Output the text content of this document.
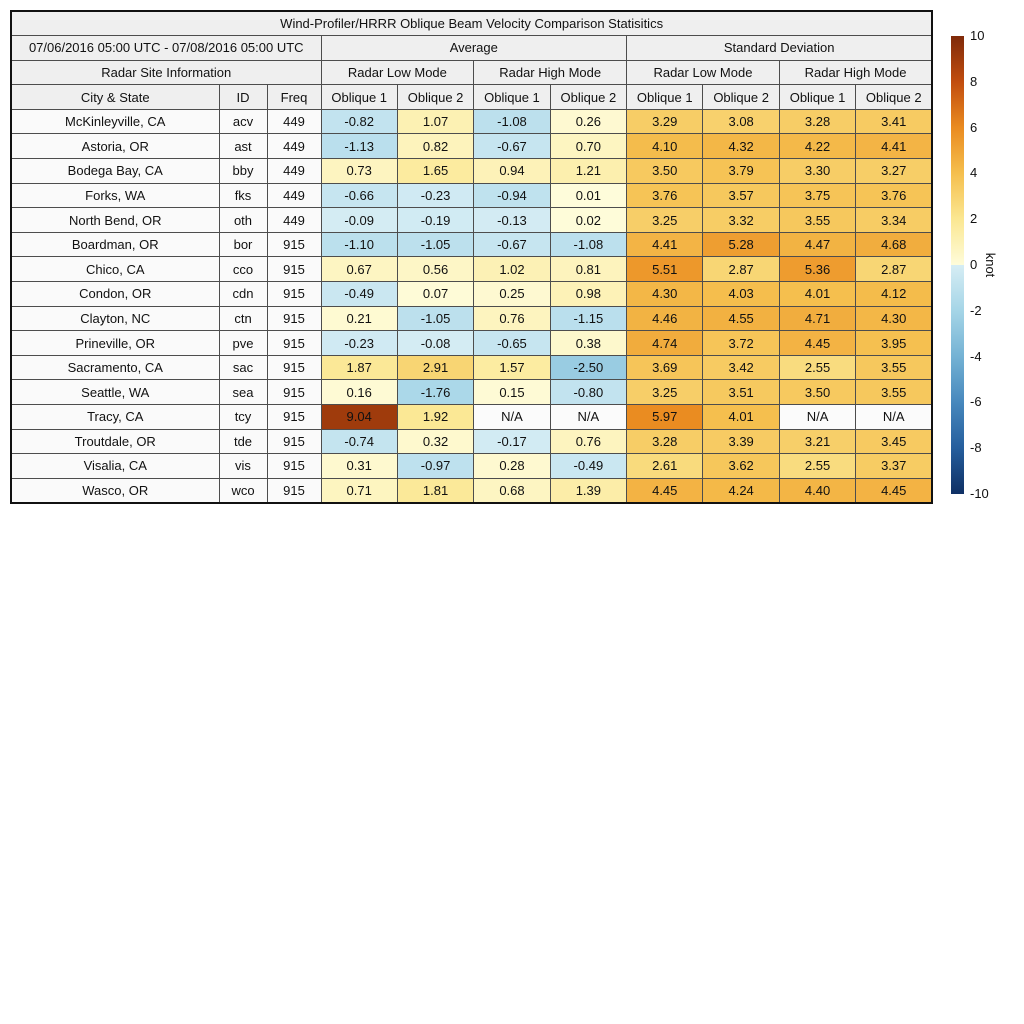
Wind-Profiler/HRRR Oblique Beam Velocity Comparison Statisitics										
07/06/2016 05:00 UTC - 07/08/2016 05:00 UTC			Average				Standard Deviation			
Radar Site Information			Radar Low Mode		Radar High Mode		Radar Low Mode		Radar High Mode	
City & State	ID	Freq	Oblique 1	Oblique 2	Oblique 1	Oblique 2	Oblique 1	Oblique 2	Oblique 1	Oblique 2
McKinleyville, CA	acv	449	-0.82	1.07	-1.08	0.26	3.29	3.08	3.28	3.41
Astoria, OR	ast	449	-1.13	0.82	-0.67	0.70	4.10	4.32	4.22	4.41
Bodega Bay, CA	bby	449	0.73	1.65	0.94	1.21	3.50	3.79	3.30	3.27
Forks, WA	fks	449	-0.66	-0.23	-0.94	0.01	3.76	3.57	3.75	3.76
North Bend, OR	oth	449	-0.09	-0.19	-0.13	0.02	3.25	3.32	3.55	3.34
Boardman, OR	bor	915	-1.10	-1.05	-0.67	-1.08	4.41	5.28	4.47	4.68
Chico, CA	cco	915	0.67	0.56	1.02	0.81	5.51	2.87	5.36	2.87
Condon, OR	cdn	915	-0.49	0.07	0.25	0.98	4.30	4.03	4.01	4.12
Clayton, NC	ctn	915	0.21	-1.05	0.76	-1.15	4.46	4.55	4.71	4.30
Prineville, OR	pve	915	-0.23	-0.08	-0.65	0.38	4.74	3.72	4.45	3.95
Sacramento, CA	sac	915	1.87	2.91	1.57	-2.50	3.69	3.42	2.55	3.55
Seattle, WA	sea	915	0.16	-1.76	0.15	-0.80	3.25	3.51	3.50	3.55
Tracy, CA	tcy	915	9.04	1.92	N/A	N/A	5.97	4.01	N/A	N/A
Troutdale, OR	tde	915	-0.74	0.32	-0.17	0.76	3.28	3.39	3.21	3.45
Visalia, CA	vis	915	0.31	-0.97	0.28	-0.49	2.61	3.62	2.55	3.37
Wasco, OR	wco	915	0.71	1.81	0.68	1.39	4.45	4.24	4.40	4.45
10
8
6
4
2
0
-2
-4
-6
-8
-10
knot
